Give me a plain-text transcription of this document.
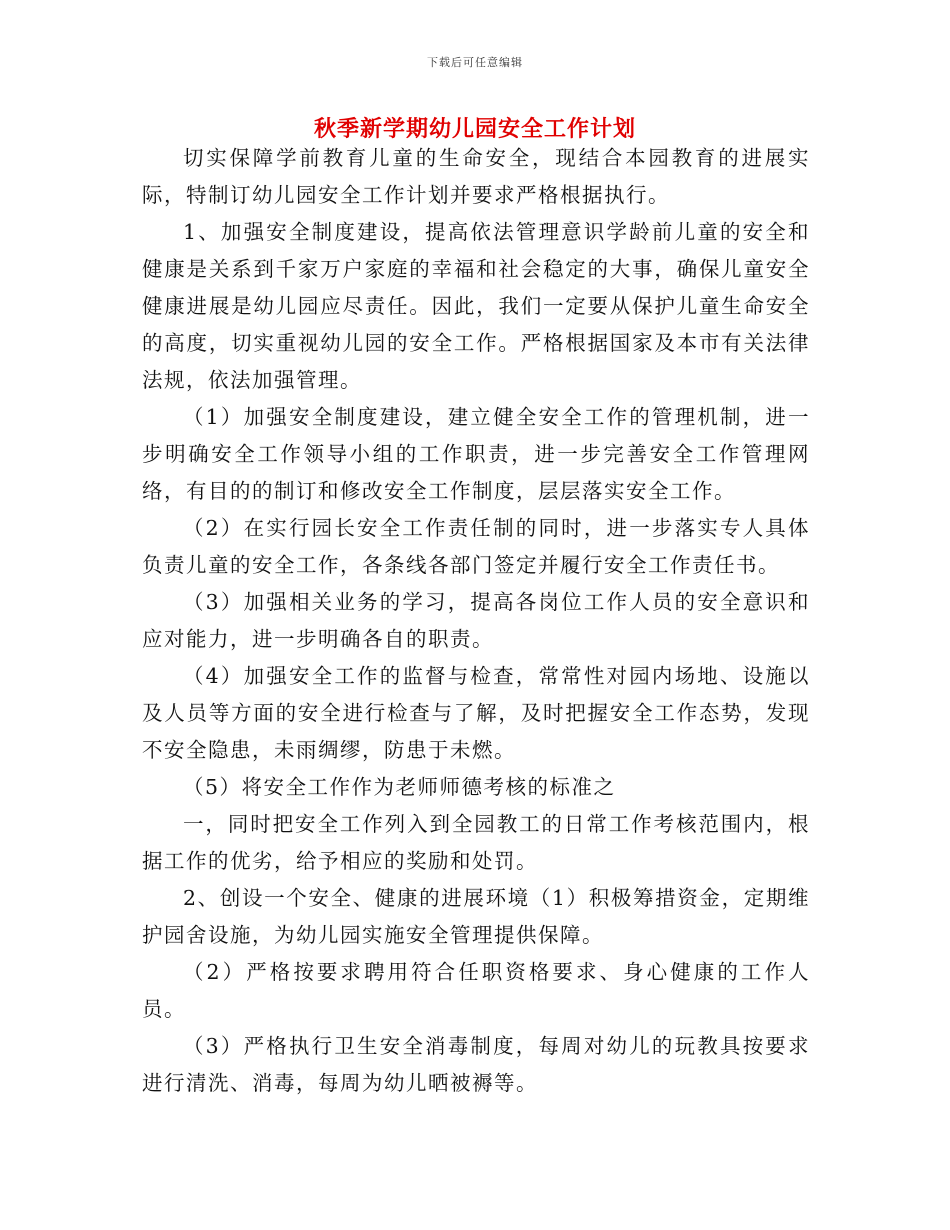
下载后可任意编辑
秋季新学期幼儿园安全工作计划

切实保障学前教育儿童的生命安全，现结合本园教育的进展实际，特制订幼儿园安全工作计划并要求严格根据执行。

1、加强安全制度建设，提高依法管理意识学龄前儿童的安全和健康是关系到千家万户家庭的幸福和社会稳定的大事，确保儿童安全健康进展是幼儿园应尽责任。因此，我们一定要从保护儿童生命安全的高度，切实重视幼儿园的安全工作。严格根据国家及本市有关法律法规，依法加强管理。

（1）加强安全制度建设，建立健全安全工作的管理机制，进一步明确安全工作领导小组的工作职责，进一步完善安全工作管理网络，有目的的制订和修改安全工作制度，层层落实安全工作。

（2）在实行园长安全工作责任制的同时，进一步落实专人具体负责儿童的安全工作，各条线各部门签定并履行安全工作责任书。

（3）加强相关业务的学习，提高各岗位工作人员的安全意识和应对能力，进一步明确各自的职责。

（4）加强安全工作的监督与检查，常常性对园内场地、设施以及人员等方面的安全进行检查与了解，及时把握安全工作态势，发现不安全隐患，未雨绸缪，防患于未燃。

（5）将安全工作作为老师师德考核的标准之

一，同时把安全工作列入到全园教工的日常工作考核范围内，根据工作的优劣，给予相应的奖励和处罚。

2、创设一个安全、健康的进展环境（1）积极筹措资金，定期维护园舍设施，为幼儿园实施安全管理提供保障。

（2）严格按要求聘用符合任职资格要求、身心健康的工作人员。

（3）严格执行卫生安全消毒制度，每周对幼儿的玩教具按要求进行清洗、消毒，每周为幼儿晒被褥等。
